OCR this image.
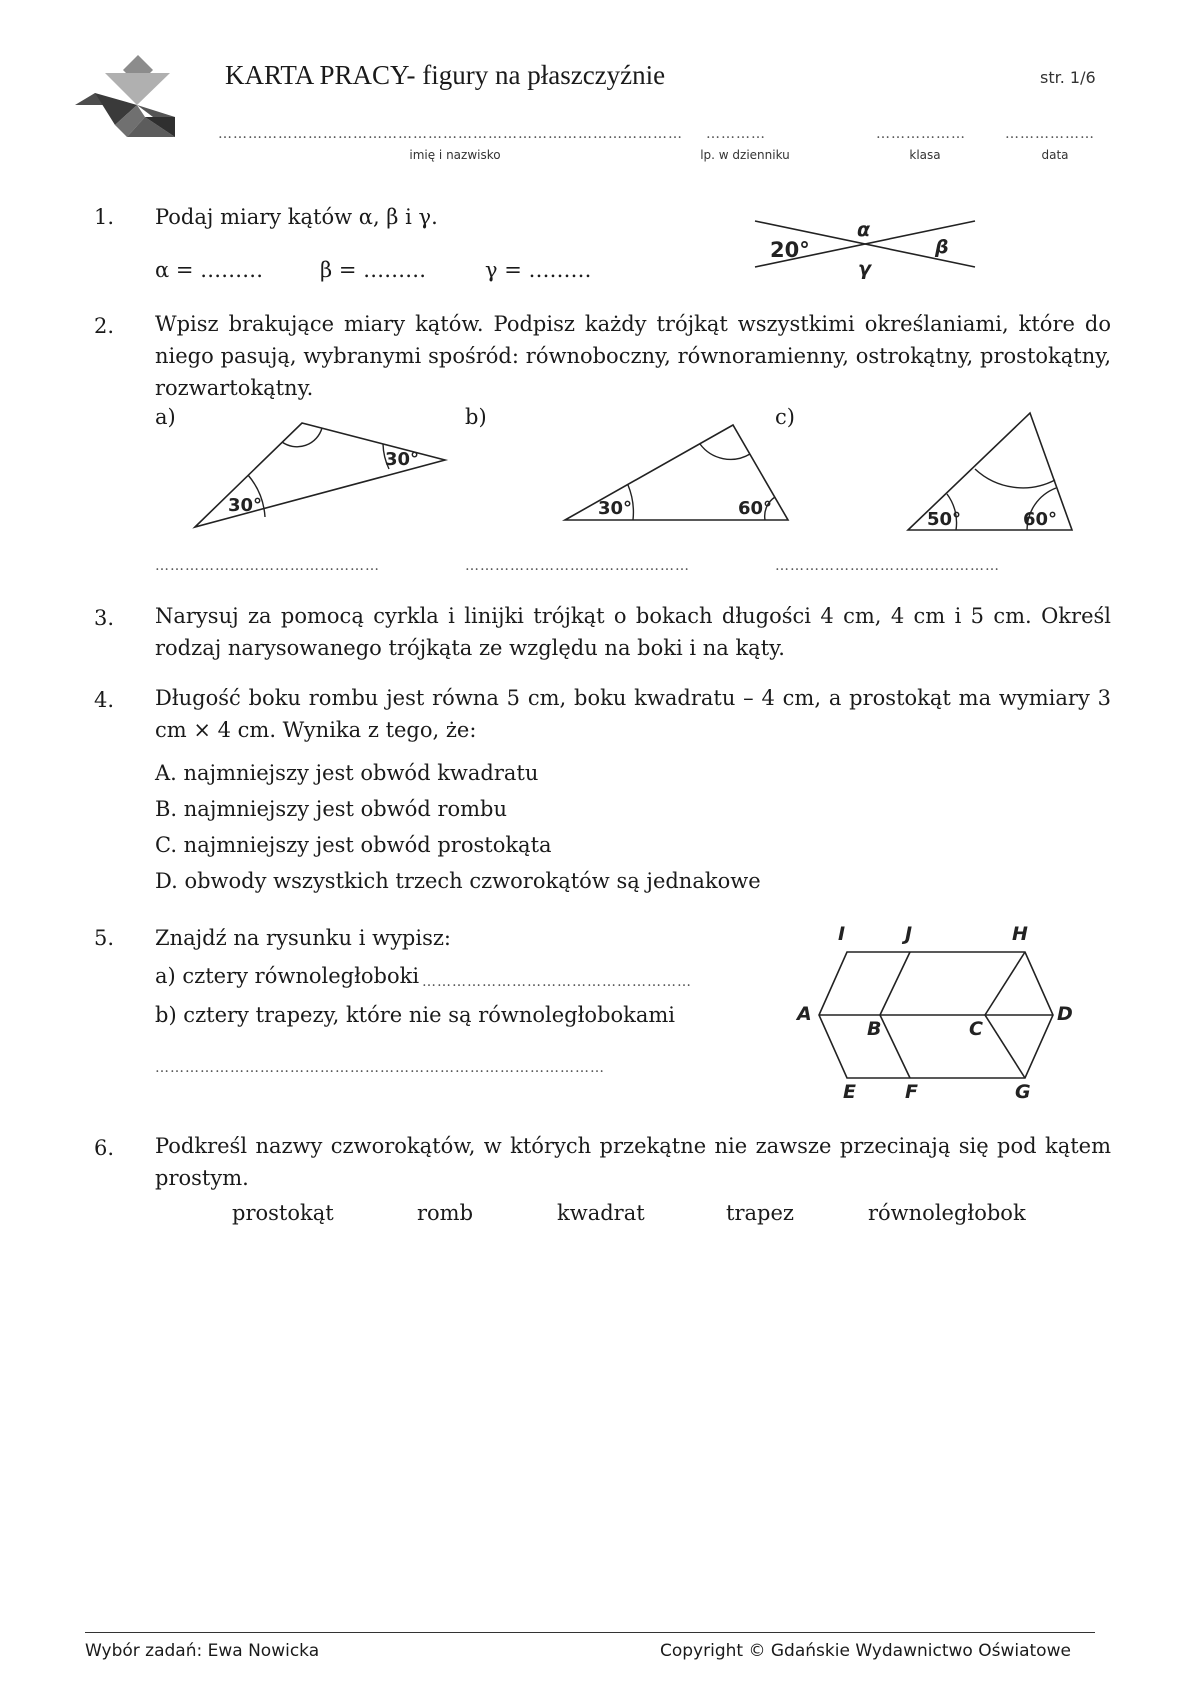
KARTA PRACY- figury na płaszczyźnie	str. 1/6
…………………………………………………………………………………
imię i nazwisko
…………
lp. w dzienniku
………………
klasa
………………
data
1.	Podaj miary kątów α, β i γ.
α = ………	β = ………	γ = ………
20°
α
β
γ
2.	Wpisz brakujące miary kątów. Podpisz każdy trójkąt wszystkimi określaniami, które do niego pasują, wybranymi spośród: równoboczny, równoramienny, ostrokątny, prostokątny, rozwartokątny.
a)	b)	c)
30°
30°
30°	60°
50°	60°
………………………………………	………………………………………	………………………………………
3.	Narysuj za pomocą cyrkla i linijki trójkąt o bokach długości 4 cm, 4 cm i 5 cm. Określ rodzaj narysowanego trójkąta ze względu na boki i na kąty.
4.	Długość boku rombu jest równa 5 cm, boku kwadratu – 4 cm, a prostokąt ma wymiary 3 cm × 4 cm. Wynika z tego, że:
A. najmniejszy jest obwód kwadratu
B. najmniejszy jest obwód rombu
C. najmniejszy jest obwód prostokąta
D. obwody wszystkich trzech czworokątów są jednakowe
5.	Znajdź na rysunku i wypisz:
a) cztery równoległoboki ………………………………………………
b) cztery trapezy, które nie są równoległobokami
………………………………………………………………………………
I	J	H
A
B	C
D
E	F	G
6.	Podkreśl nazwy czworokątów, w których przekątne nie zawsze przecinają się pod kątem prostym.
prostokąt	romb	kwadrat	trapez	równoległobok
Wybór zadań: Ewa Nowicka	Copyright © Gdańskie Wydawnictwo Oświatowe
